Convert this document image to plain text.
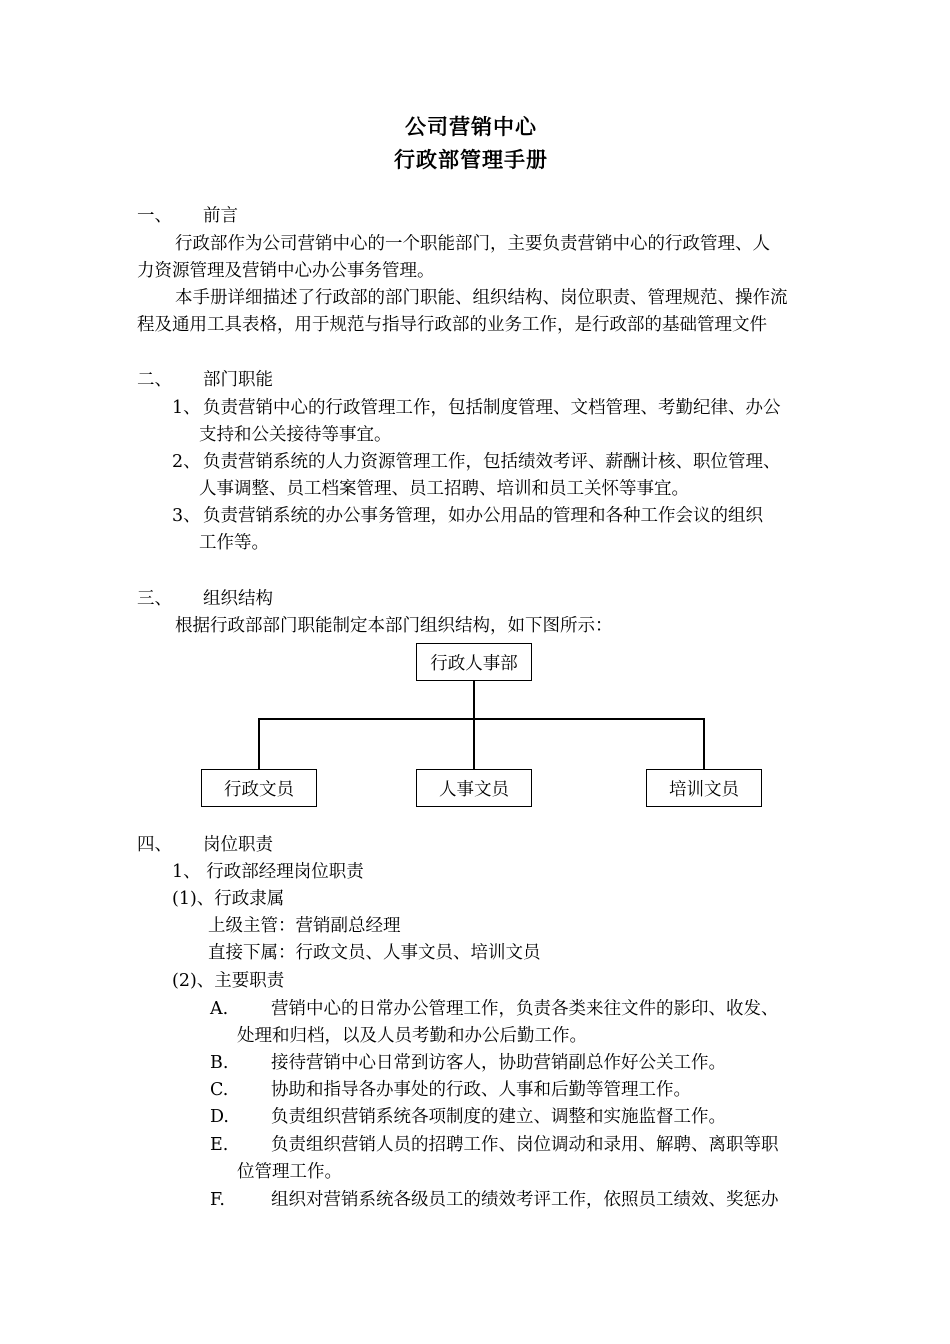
公司营销中心
行政部管理手册
一、 前言
行政部作为公司营销中心的一个职能部门，主要负责营销中心的行政管理、人
力资源管理及营销中心办公事务管理。
本手册详细描述了行政部的部门职能、组织结构、岗位职责、管理规范、操作流
程及通用工具表格，用于规范与指导行政部的业务工作，是行政部的基础管理文件
二、 部门职能
1、 负责营销中心的行政管理工作，包括制度管理、文档管理、考勤纪律、办公
支持和公关接待等事宜。
2、 负责营销系统的人力资源管理工作，包括绩效考评、薪酬计核、职位管理、
人事调整、员工档案管理、员工招聘、培训和员工关怀等事宜。
3、 负责营销系统的办公事务管理，如办公用品的管理和各种工作会议的组织
工作等。
三、 组织结构
根据行政部部门职能制定本部门组织结构，如下图所示：
行政人事部
行政文员	人事文员	培训文员
四、 岗位职责
1、 行政部经理岗位职责
(1)、行政隶属
上级主管：营销副总经理
直接下属：行政文员、人事文员、培训文员
(2)、主要职责
A. 营销中心的日常办公管理工作，负责各类来往文件的影印、收发、
处理和归档，以及人员考勤和办公后勤工作。
B. 接待营销中心日常到访客人，协助营销副总作好公关工作。
C. 协助和指导各办事处的行政、人事和后勤等管理工作。
D. 负责组织营销系统各项制度的建立、调整和实施监督工作。
E. 负责组织营销人员的招聘工作、岗位调动和录用、解聘、离职等职
位管理工作。
F.	组织对营销系统各级员工的绩效考评工作，依照员工绩效、奖惩办
